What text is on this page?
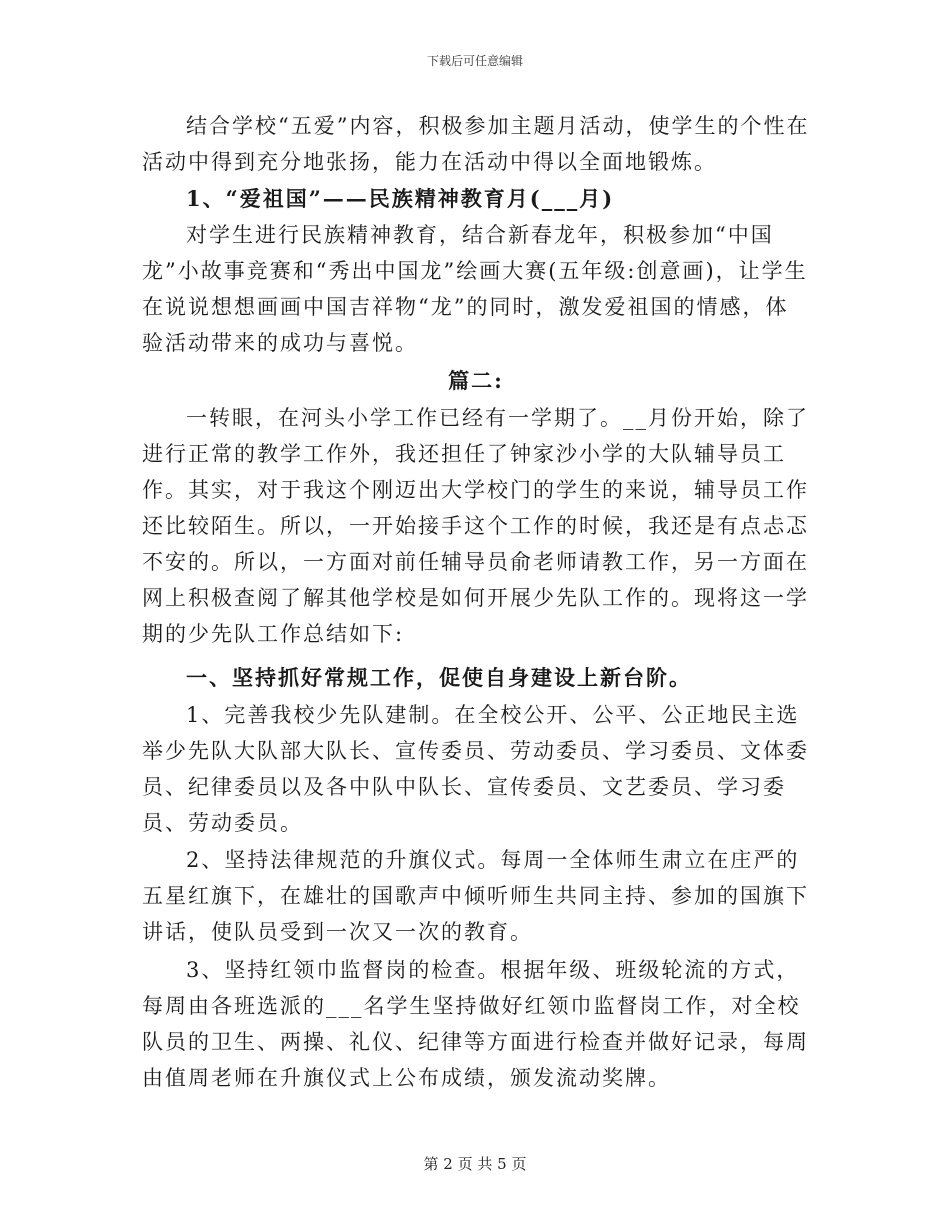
下载后可任意编辑

结合学校“五爱”内容，积极参加主题月活动，使学生的个性在活动中得到充分地张扬，能力在活动中得以全面地锻炼。

1、“爱祖国”——民族精神教育月(___月)

对学生进行民族精神教育，结合新春龙年，积极参加“中国龙”小故事竞赛和“秀出中国龙”绘画大赛(五年级:创意画)，让学生在说说想想画画中国吉祥物“龙”的同时，激发爱祖国的情感，体验活动带来的成功与喜悦。

篇二:

一转眼，在河头小学工作已经有一学期了。__月份开始，除了进行正常的教学工作外，我还担任了钟家沙小学的大队辅导员工作。其实，对于我这个刚迈出大学校门的学生的来说，辅导员工作还比较陌生。所以，一开始接手这个工作的时候，我还是有点忐忑不安的。所以，一方面对前任辅导员俞老师请教工作，另一方面在网上积极查阅了解其他学校是如何开展少先队工作的。现将这一学期的少先队工作总结如下:

一、坚持抓好常规工作，促使自身建设上新台阶。

1、完善我校少先队建制。在全校公开、公平、公正地民主选举少先队大队部大队长、宣传委员、劳动委员、学习委员、文体委员、纪律委员以及各中队中队长、宣传委员、文艺委员、学习委员、劳动委员。

2、坚持法律规范的升旗仪式。每周一全体师生肃立在庄严的五星红旗下，在雄壮的国歌声中倾听师生共同主持、参加的国旗下讲话，使队员受到一次又一次的教育。

3、坚持红领巾监督岗的检查。根据年级、班级轮流的方式，每周由各班选派的___名学生坚持做好红领巾监督岗工作，对全校队员的卫生、两操、礼仪、纪律等方面进行检查并做好记录，每周由值周老师在升旗仪式上公布成绩，颁发流动奖牌。

第 2 页 共 5 页
